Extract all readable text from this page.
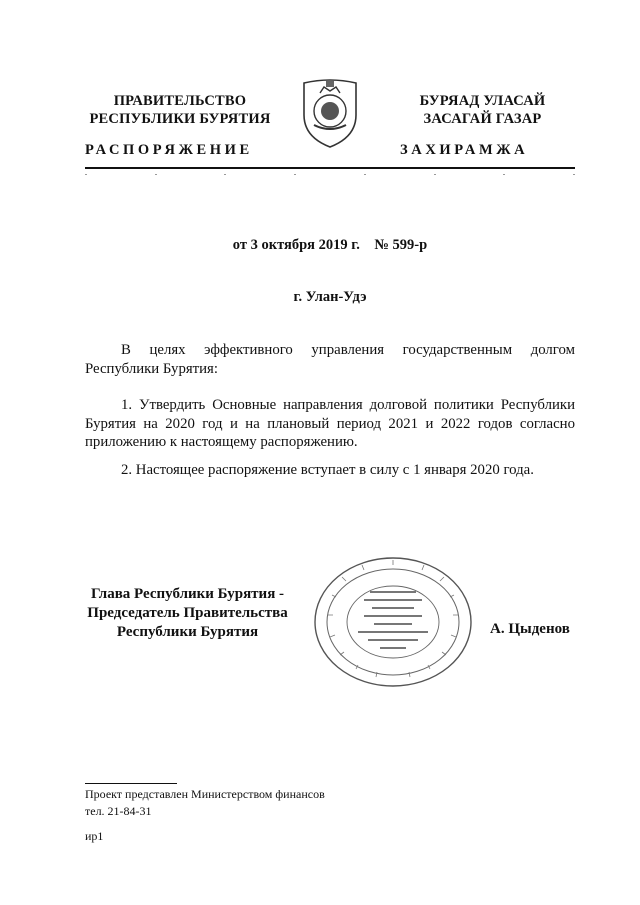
ПРАВИТЕЛЬСТВО
РЕСПУБЛИКИ БУРЯТИЯ
БУРЯАД УЛАСАЙ
ЗАСАГАЙ ГАЗАР
РАСПОРЯЖЕНИЕ	ЗАХИРАМЖА
от 3 октября 2019 г.    № 599-р
г. Улан-Удэ
В целях эффективного управления государственным долгом Республики Бурятия:
1. Утвердить Основные направления долговой политики Республики Бурятия на 2020 год и на плановый период 2021 и 2022 годов согласно приложению к настоящему распоряжению.
2. Настоящее распоряжение вступает в силу с 1 января 2020 года.
Глава Республики Бурятия -
Председатель Правительства
Республики Бурятия	А. Цыденов
Проект представлен Министерством финансов
тел. 21-84-31
ир1
